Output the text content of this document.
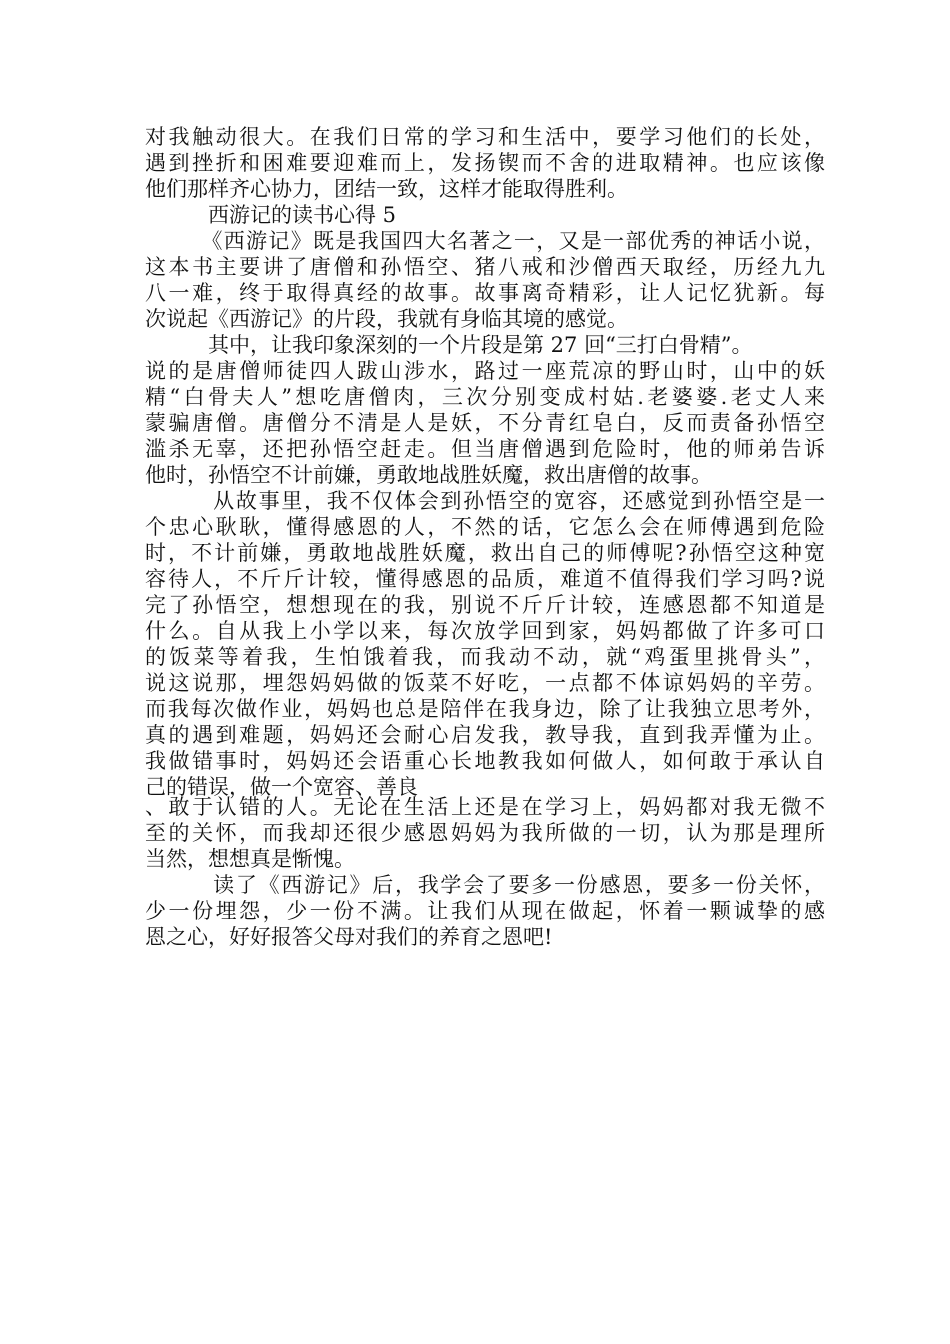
对我触动很大。在我们日常的学习和生活中，要学习他们的长处，
遇到挫折和困难要迎难而上，发扬锲而不舍的进取精神。也应该像
他们那样齐心协力，团结一致，这样才能取得胜利。
　　　西游记的读书心得 5
　　　《西游记》既是我国四大名著之一，又是一部优秀的神话小说，
这本书主要讲了唐僧和孙悟空、猪八戒和沙僧西天取经，历经九九
八一难，终于取得真经的故事。故事离奇精彩，让人记忆犹新。每
次说起《西游记》的片段，我就有身临其境的感觉。
　　　其中，让我印象深刻的一个片段是第 27 回“三打白骨精”。
说的是唐僧师徒四人跋山涉水，路过一座荒凉的野山时，山中的妖
精“白骨夫人”想吃唐僧肉，三次分别变成村姑.老婆婆.老丈人来
蒙骗唐僧。唐僧分不清是人是妖，不分青红皂白，反而责备孙悟空
滥杀无辜，还把孙悟空赶走。但当唐僧遇到危险时，他的师弟告诉
他时，孙悟空不计前嫌，勇敢地战胜妖魔，救出唐僧的故事。
　　　从故事里，我不仅体会到孙悟空的宽容，还感觉到孙悟空是一
个忠心耿耿，懂得感恩的人，不然的话，它怎么会在师傅遇到危险
时，不计前嫌，勇敢地战胜妖魔，救出自己的师傅呢?孙悟空这种宽
容待人，不斤斤计较，懂得感恩的品质，难道不值得我们学习吗?说
完了孙悟空，想想现在的我，别说不斤斤计较，连感恩都不知道是
什么。自从我上小学以来，每次放学回到家，妈妈都做了许多可口
的饭菜等着我，生怕饿着我，而我动不动，就“鸡蛋里挑骨头”，
说这说那，埋怨妈妈做的饭菜不好吃，一点都不体谅妈妈的辛劳。
而我每次做作业，妈妈也总是陪伴在我身边，除了让我独立思考外，
真的遇到难题，妈妈还会耐心启发我，教导我，直到我弄懂为止。
我做错事时，妈妈还会语重心长地教我如何做人，如何敢于承认自
己的错误，做一个宽容、善良
、敢于认错的人。无论在生活上还是在学习上，妈妈都对我无微不
至的关怀，而我却还很少感恩妈妈为我所做的一切，认为那是理所
当然，想想真是惭愧。
　　　读了《西游记》后，我学会了要多一份感恩，要多一份关怀，
少一份埋怨，少一份不满。让我们从现在做起，怀着一颗诚挚的感
恩之心，好好报答父母对我们的养育之恩吧!
